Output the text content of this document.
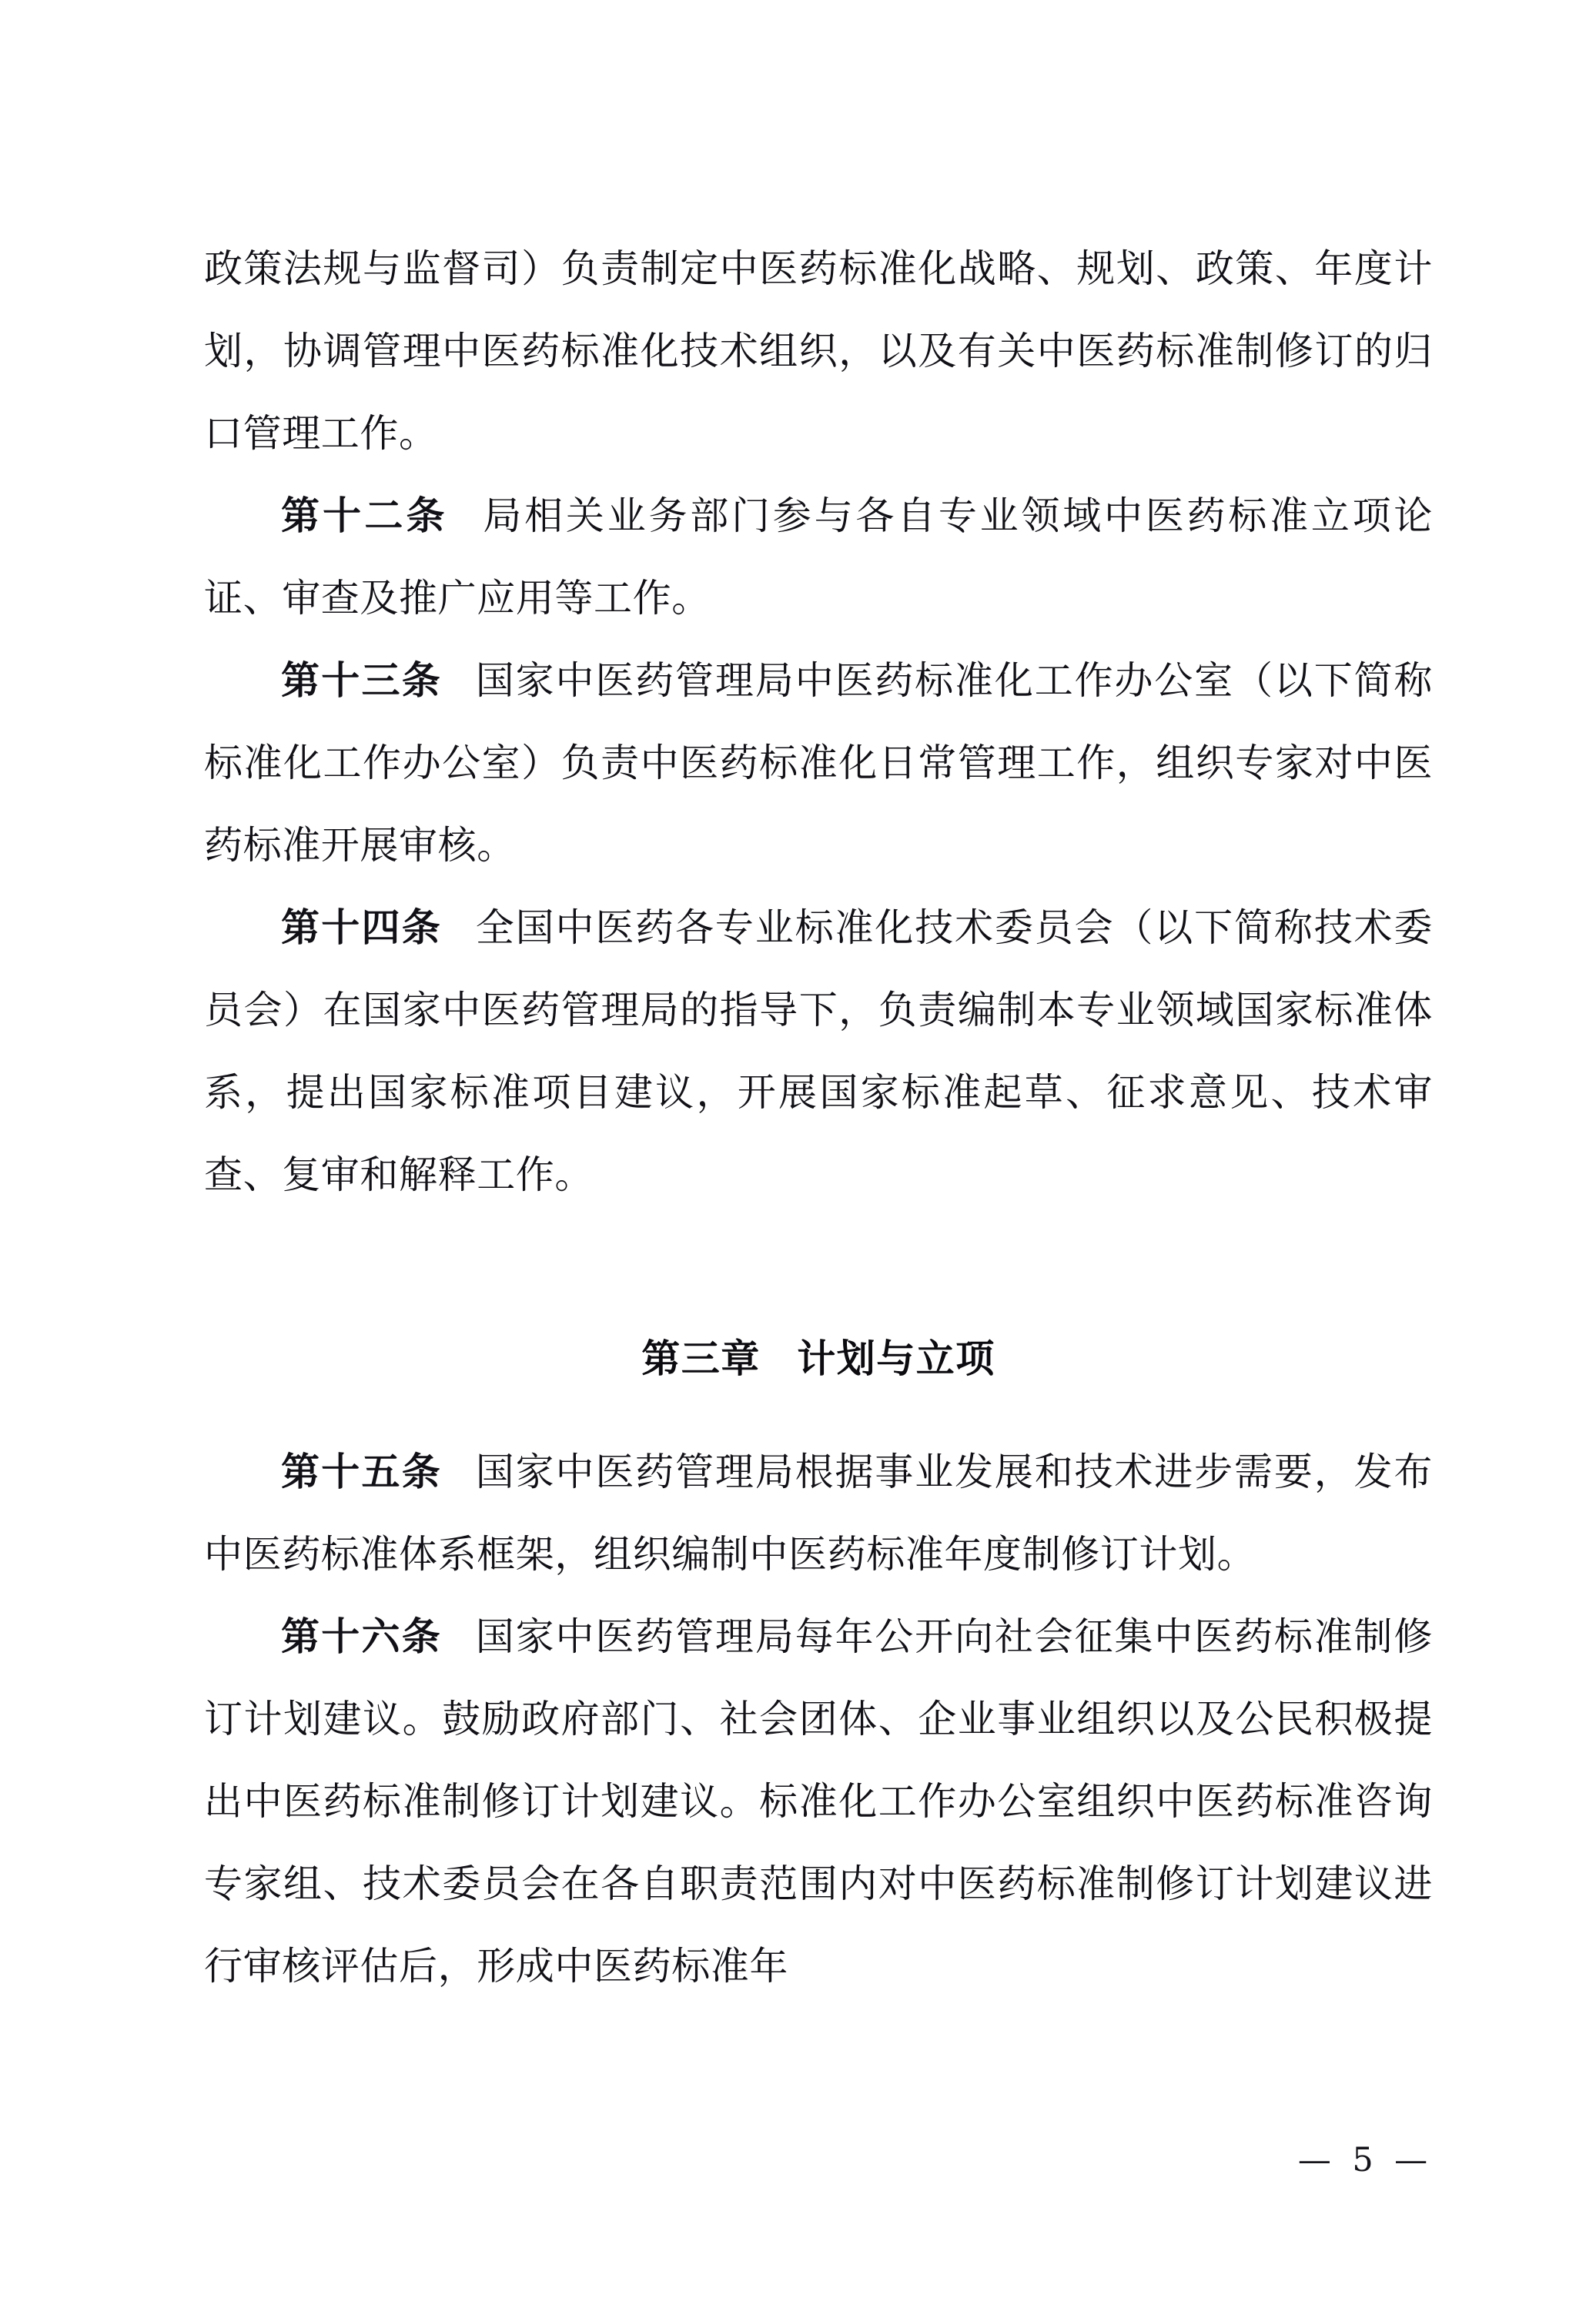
政策法规与监督司）负责制定中医药标准化战略、规划、政策、年度计划，协调管理中医药标准化技术组织，以及有关中医药标准制修订的归口管理工作。

第十二条 局相关业务部门参与各自专业领域中医药标准立项论证、审查及推广应用等工作。

第十三条 国家中医药管理局中医药标准化工作办公室（以下简称标准化工作办公室）负责中医药标准化日常管理工作，组织专家对中医药标准开展审核。

第十四条 全国中医药各专业标准化技术委员会（以下简称技术委员会）在国家中医药管理局的指导下，负责编制本专业领域国家标准体系，提出国家标准项目建议，开展国家标准起草、征求意见、技术审查、复审和解释工作。

第三章 计划与立项

第十五条 国家中医药管理局根据事业发展和技术进步需要，发布中医药标准体系框架，组织编制中医药标准年度制修订计划。

第十六条 国家中医药管理局每年公开向社会征集中医药标准制修订计划建议。鼓励政府部门、社会团体、企业事业组织以及公民积极提出中医药标准制修订计划建议。标准化工作办公室组织中医药标准咨询专家组、技术委员会在各自职责范围内对中医药标准制修订计划建议进行审核评估后，形成中医药标准年

— 5 —
